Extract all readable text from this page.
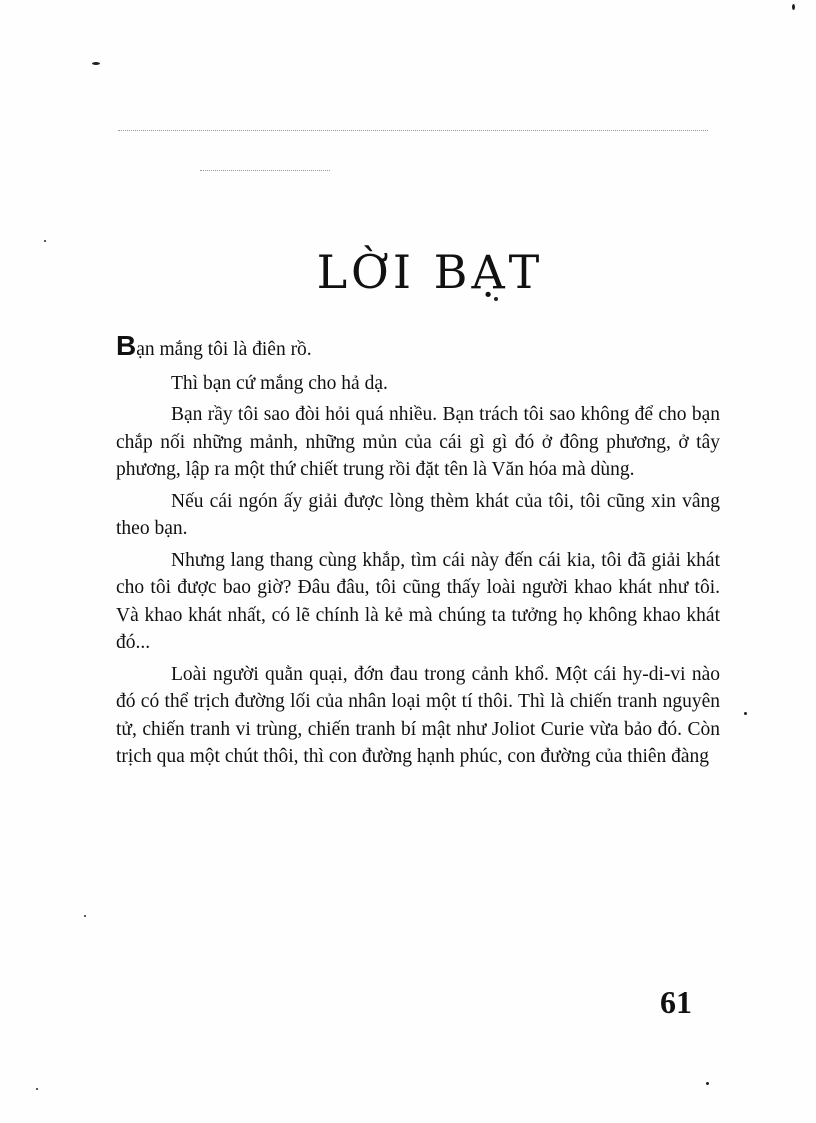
LỜI BẠT

Bạn mắng tôi là điên rồ.

Thì bạn cứ mắng cho hả dạ.

Bạn rầy tôi sao đòi hỏi quá nhiều. Bạn trách tôi sao không để cho bạn chắp nối những mảnh, những mủn của cái gì gì đó ở đông phương, ở tây phương, lập ra một thứ chiết trung rồi đặt tên là Văn hóa mà dùng.

Nếu cái ngón ấy giải được lòng thèm khát của tôi, tôi cũng xin vâng theo bạn.

Nhưng lang thang cùng khắp, tìm cái này đến cái kia, tôi đã giải khát cho tôi được bao giờ? Đâu đâu, tôi cũng thấy loài người khao khát như tôi. Và khao khát nhất, có lẽ chính là kẻ mà chúng ta tưởng họ không khao khát đó...

Loài người quằn quại, đớn đau trong cảnh khổ. Một cái hy-di-vi nào đó có thể trịch đường lối của nhân loại một tí thôi. Thì là chiến tranh nguyên tử, chiến tranh vi trùng, chiến tranh bí mật như Joliot Curie vừa bảo đó. Còn trịch qua một chút thôi, thì con đường hạnh phúc, con đường của thiên đàng

61
